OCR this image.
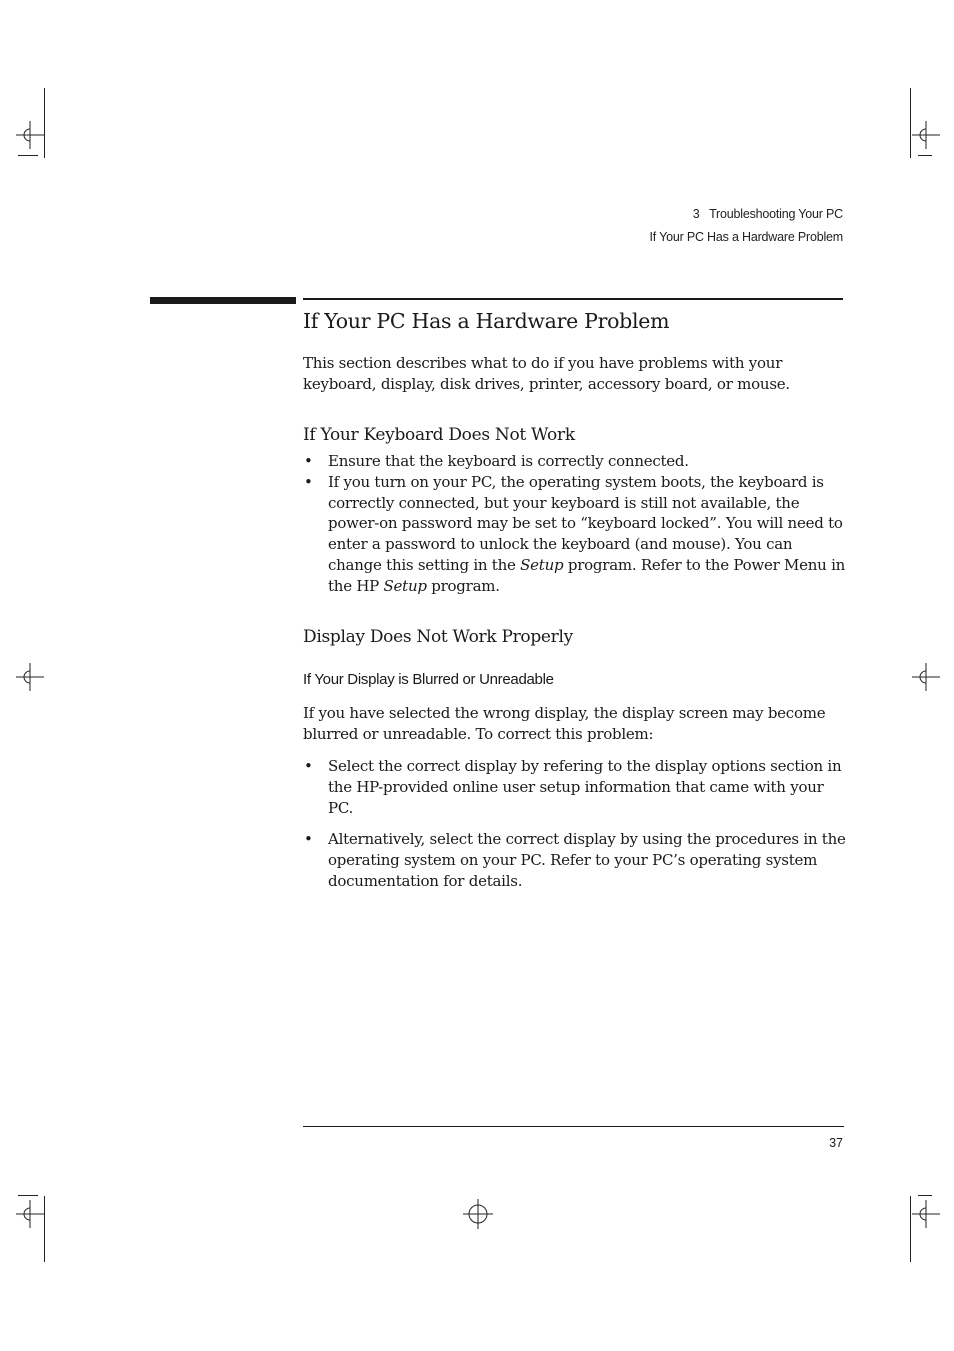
3   Troubleshooting Your PC
If Your PC Has a Hardware Problem
If Your PC Has a Hardware Problem

This section describes what to do if you have problems with your keyboard, display, disk drives, printer, accessory board, or mouse.

If Your Keyboard Does Not Work
• Ensure that the keyboard is correctly connected.
• If you turn on your PC, the operating system boots, the keyboard is correctly connected, but your keyboard is still not available, the power-on password may be set to “keyboard locked”. You will need to enter a password to unlock the keyboard (and mouse). You can change this setting in the Setup program. Refer to the Power Menu in the HP Setup program.
Display Does Not Work Properly
If Your Display is Blurred or Unreadable

If you have selected the wrong display, the display screen may become blurred or unreadable. To correct this problem:

• Select the correct display by refering to the display options section in the HP-provided online user setup information that came with your PC.
• Alternatively, select the correct display by using the procedures in the operating system on your PC. Refer to your PC’s operating system documentation for details.
37
